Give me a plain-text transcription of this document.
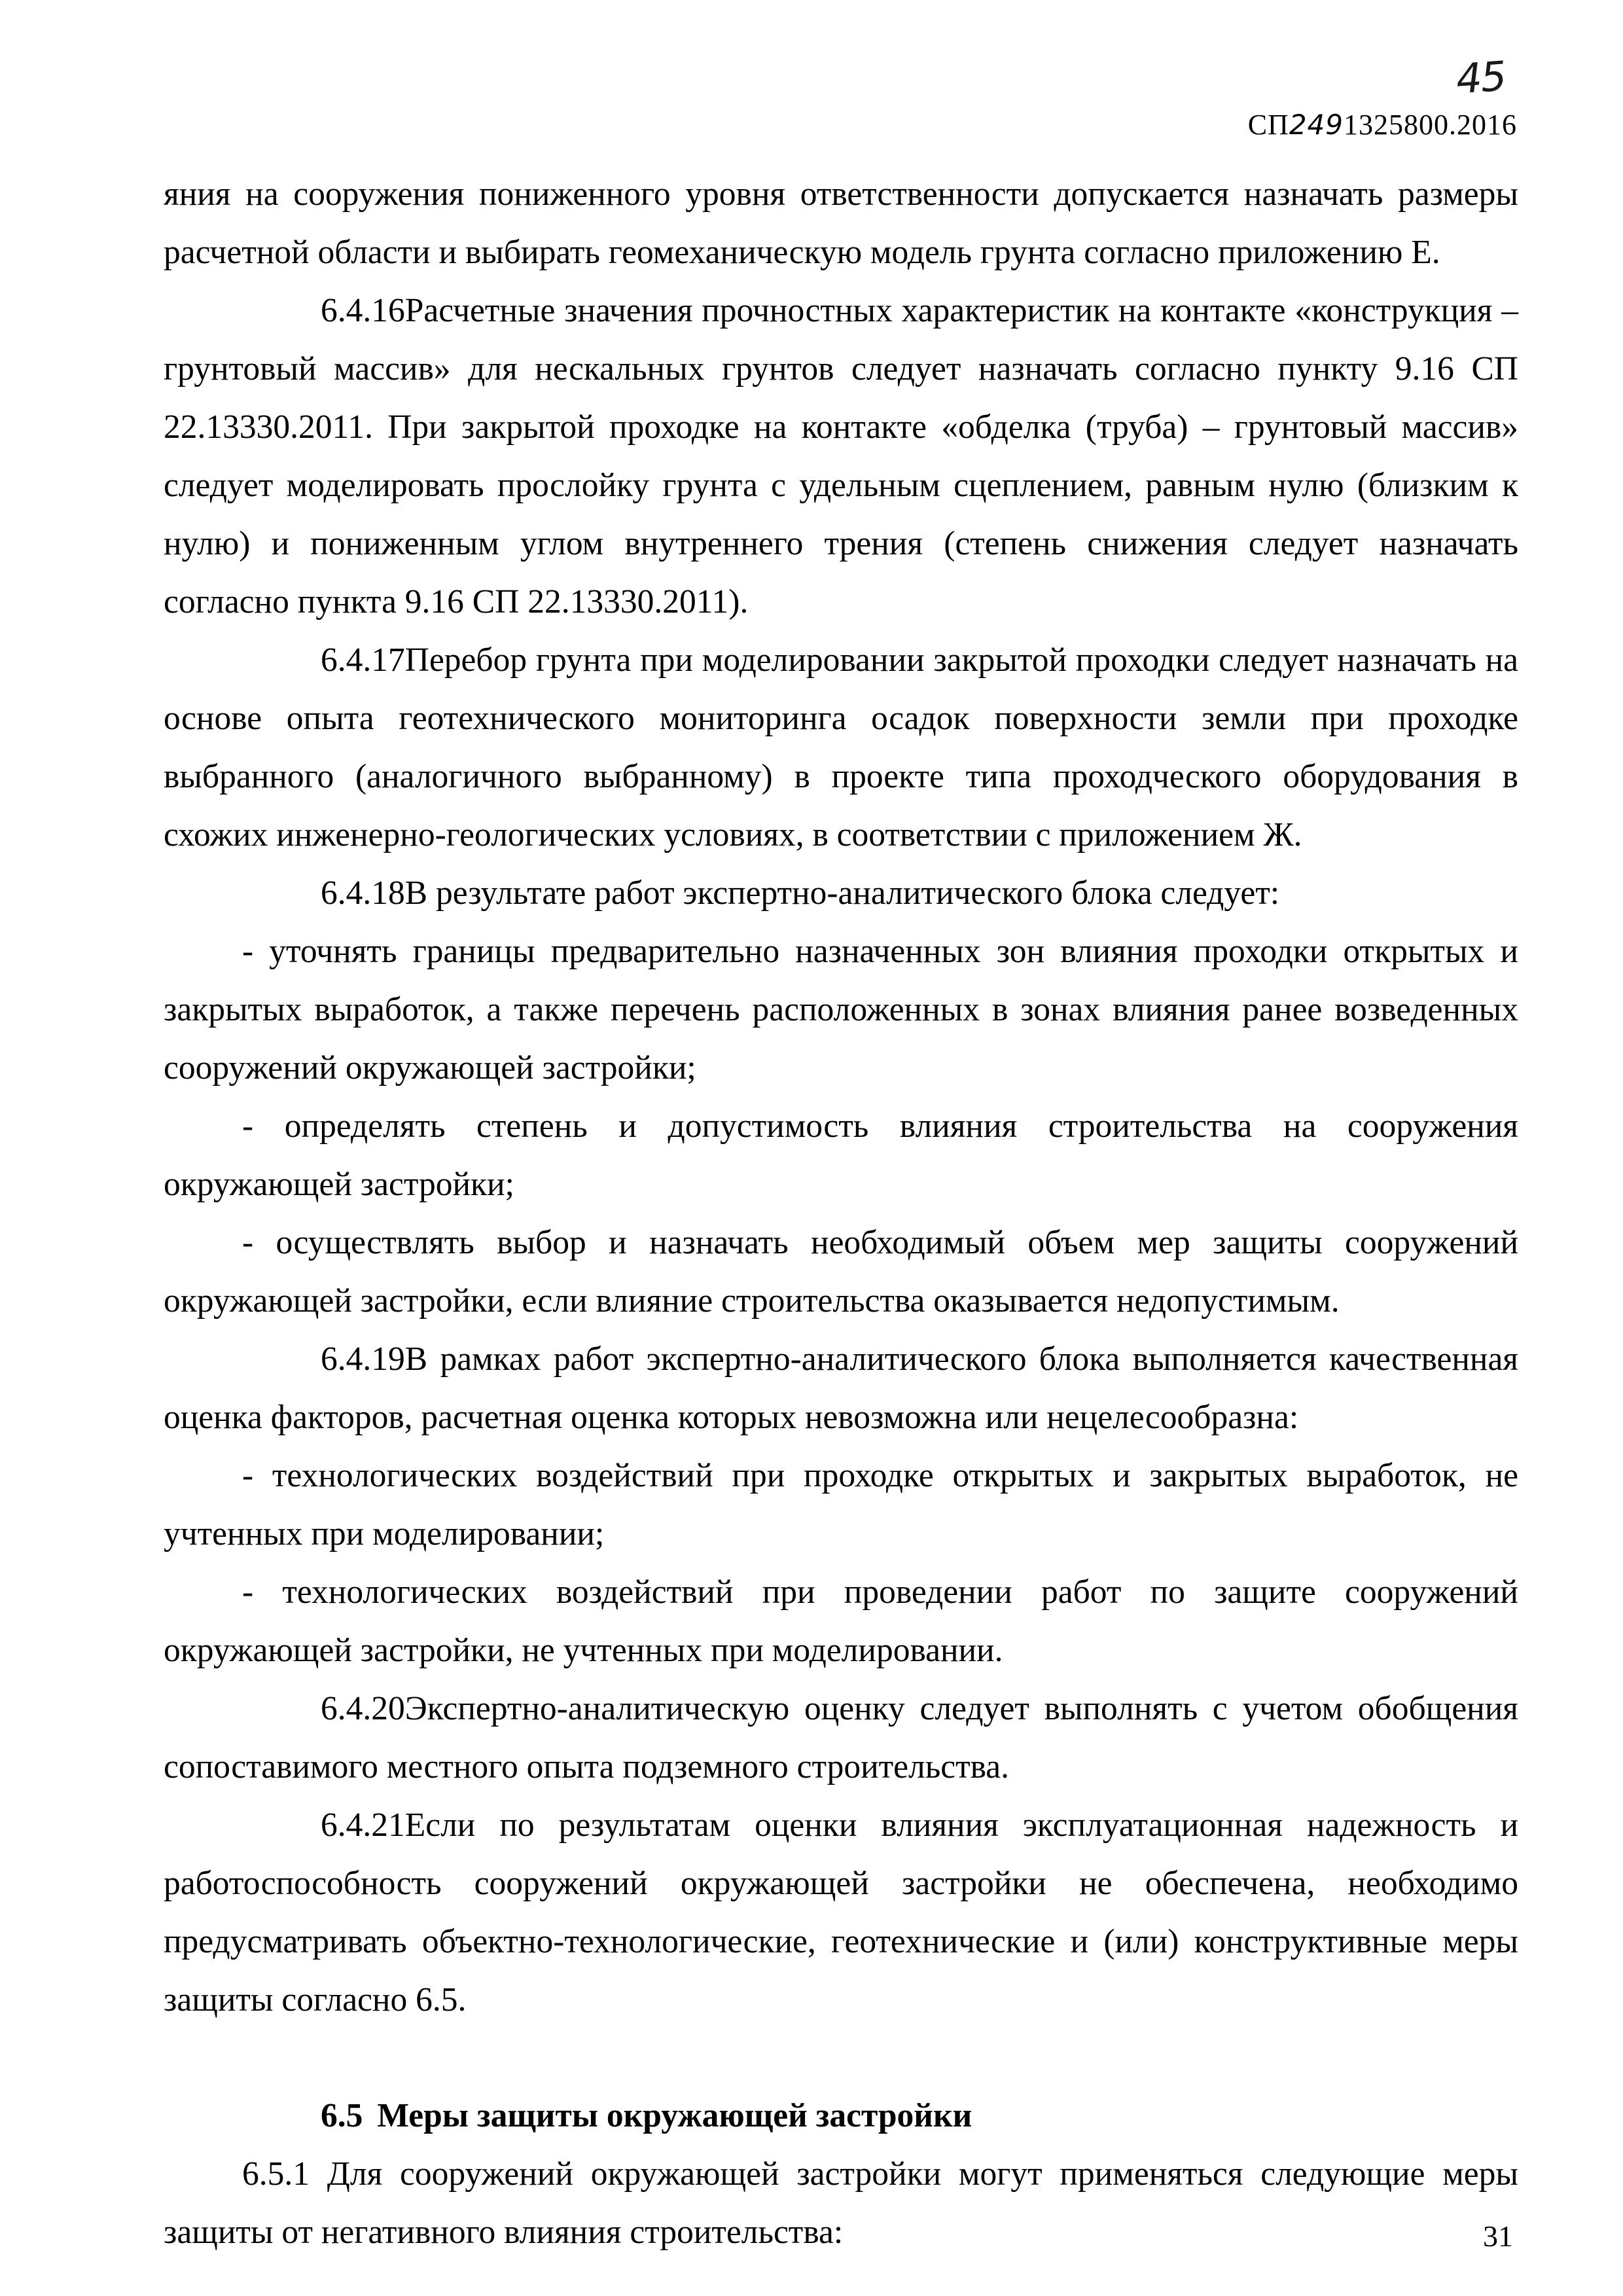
45
СП2491325800.2016

яния на сооружения пониженного уровня ответственности допускается назначать размеры расчетной области и выбирать геомеханическую модель грунта согласно приложению Е.

6.4.16Расчетные значения прочностных характеристик на контакте «конструкция – грунтовый массив» для нескальных грунтов следует назначать согласно пункту 9.16 СП 22.13330.2011. При закрытой проходке на контакте «обделка (труба) – грунтовый массив» следует моделировать прослойку грунта с удельным сцеплением, равным нулю (близким к нулю) и пониженным углом внутреннего трения (степень снижения следует назначать согласно пункта 9.16 СП 22.13330.2011).

6.4.17Перебор грунта при моделировании закрытой проходки следует назначать на основе опыта геотехнического мониторинга осадок поверхности земли при проходке выбранного (аналогичного выбранному) в проекте типа проходческого оборудования в схожих инженерно-геологических условиях, в соответствии с приложением Ж.

6.4.18В результате работ экспертно-аналитического блока следует:

- уточнять границы предварительно назначенных зон влияния проходки открытых и закрытых выработок, а также перечень расположенных в зонах влияния ранее возведенных сооружений окружающей застройки;

- определять степень и допустимость влияния строительства на сооружения окружающей застройки;

- осуществлять выбор и назначать необходимый объем мер защиты сооружений окружающей застройки, если влияние строительства оказывается недопустимым.

6.4.19В рамках работ экспертно-аналитического блока выполняется качественная оценка факторов, расчетная оценка которых невозможна или нецелесообразна:

- технологических воздействий при проходке открытых и закрытых выработок, не учтенных при моделировании;

- технологических воздействий при проведении работ по защите сооружений окружающей застройки, не учтенных при моделировании.

6.4.20Экспертно-аналитическую оценку следует выполнять с учетом обобщения сопоставимого местного опыта подземного строительства.

6.4.21Если по результатам оценки влияния эксплуатационная надежность и работоспособность сооружений окружающей застройки не обеспечена, необходимо предусматривать объектно-технологические, геотехнические и (или) конструктивные меры защиты согласно 6.5.

6.5 Меры защиты окружающей застройки

6.5.1 Для сооружений окружающей застройки могут применяться следующие меры защиты от негативного влияния строительства:	31
